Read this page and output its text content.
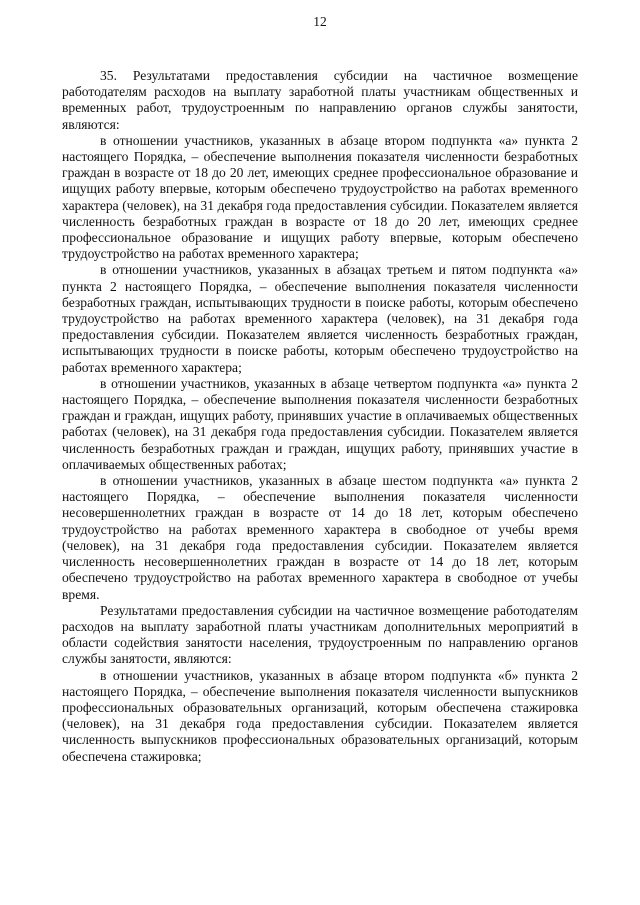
12

35. Результатами предоставления субсидии на частичное возмещение работодателям расходов на выплату заработной платы участникам общественных и временных работ, трудоустроенным по направлению органов службы занятости, являются:

в отношении участников, указанных в абзаце втором подпункта «а» пункта 2 настоящего Порядка, – обеспечение выполнения показателя численности безработных граждан в возрасте от 18 до 20 лет, имеющих среднее профессиональное образование и ищущих работу впервые, которым обеспечено трудоустройство на работах временного характера (человек), на 31 декабря года предоставления субсидии. Показателем является численность безработных граждан в возрасте от 18 до 20 лет, имеющих среднее профессиональное образование и ищущих работу впервые, которым обеспечено трудоустройство на работах временного характера;

в отношении участников, указанных в абзацах третьем и пятом подпункта «а» пункта 2 настоящего Порядка, – обеспечение выполнения показателя численности безработных граждан, испытывающих трудности в поиске работы, которым обеспечено трудоустройство на работах временного характера (человек), на 31 декабря года предоставления субсидии. Показателем является численность безработных граждан, испытывающих трудности в поиске работы, которым обеспечено трудоустройство на работах временного характера;

в отношении участников, указанных в абзаце четвертом подпункта «а» пункта 2 настоящего Порядка, – обеспечение выполнения показателя численности безработных граждан и граждан, ищущих работу, принявших участие в оплачиваемых общественных работах (человек), на 31 декабря года предоставления субсидии. Показателем является численность безработных граждан и граждан, ищущих работу, принявших участие в оплачиваемых общественных работах;

в отношении участников, указанных в абзаце шестом подпункта «а» пункта 2 настоящего Порядка, – обеспечение выполнения показателя численности несовершеннолетних граждан в возрасте от 14 до 18 лет, которым обеспечено трудоустройство на работах временного характера в свободное от учебы время (человек), на 31 декабря года предоставления субсидии. Показателем является численность несовершеннолетних граждан в возрасте от 14 до 18 лет, которым обеспечено трудоустройство на работах временного характера в свободное от учебы время.

Результатами предоставления субсидии на частичное возмещение работодателям расходов на выплату заработной платы участникам дополнительных мероприятий в области содействия занятости населения, трудоустроенным по направлению органов службы занятости, являются:

в отношении участников, указанных в абзаце втором подпункта «б» пункта 2 настоящего Порядка, – обеспечение выполнения показателя численности выпускников профессиональных образовательных организаций, которым обеспечена стажировка (человек), на 31 декабря года предоставления субсидии. Показателем является численность выпускников профессиональных образовательных организаций, которым обеспечена стажировка;
